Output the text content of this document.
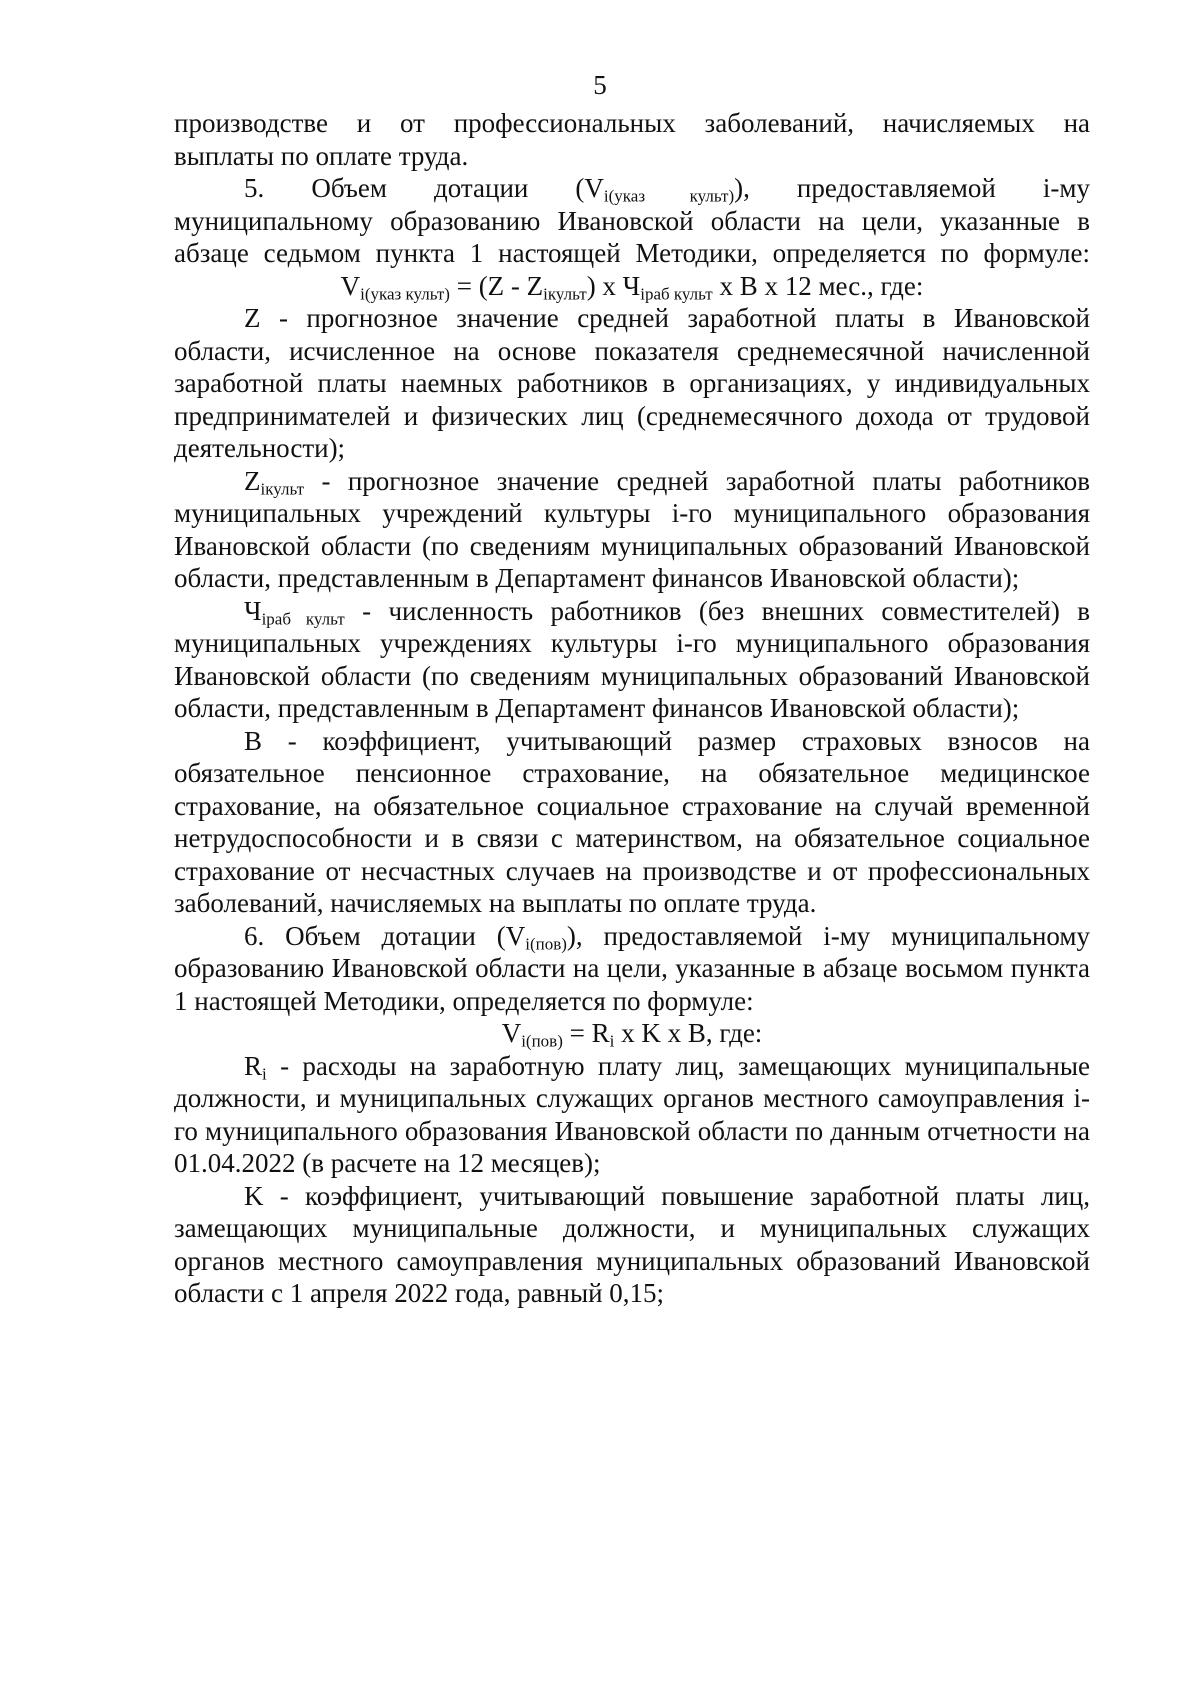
5

производстве и от профессиональных заболеваний, начисляемых на

выплаты по оплате труда.

5. Объем дотации $(V_{i(указ культ)})$, предоставляемой i-му

муниципальному образованию Ивановской области на цели, указанные в

абзаце седьмом пункта 1 настоящей Методики, определяется по формуле:

$V_{i(указ культ)} = (Z - Z_{iкульт})$ x $Ч_{iраб культ}$ x B x 12 мес., где:

Z - прогнозное значение средней заработной платы в Ивановской области, исчисленное на основе показателя среднемесячной начисленной заработной платы наемных работников в организациях, у индивидуальных предпринимателей и физических лиц (среднемесячного дохода от трудовой деятельности);

$Z_{iкульт}$ - прогнозное значение средней заработной платы работников муниципальных учреждений культуры i-го муниципального образования Ивановской области (по сведениям муниципальных образований Ивановской области, представленным в Департамент финансов Ивановской области);

$Ч_{iраб культ}$ - численность работников (без внешних совместителей) в муниципальных учреждениях культуры i-го муниципального образования Ивановской области (по сведениям муниципальных образований Ивановской области, представленным в Департамент финансов Ивановской области);

B - коэффициент, учитывающий размер страховых взносов на обязательное пенсионное страхование, на обязательное медицинское страхование, на обязательное социальное страхование на случай временной нетрудоспособности и в связи с материнством, на обязательное социальное страхование от несчастных случаев на производстве и от профессиональных заболеваний, начисляемых на выплаты по оплате труда.

6. Объем дотации $(V_{i(пов)})$, предоставляемой i-му муниципальному образованию Ивановской области на цели, указанные в абзаце восьмом пункта 1 настоящей Методики, определяется по формуле:

$V_{i(пов)} = R_i$ x K x B, где:

$R_i$ - расходы на заработную плату лиц, замещающих муниципальные должности, и муниципальных служащих органов местного самоуправления i-го муниципального образования Ивановской области по данным отчетности на 01.04.2022 (в расчете на 12 месяцев);

K - коэффициент, учитывающий повышение заработной платы лиц, замещающих муниципальные должности, и муниципальных служащих органов местного самоуправления муниципальных образований Ивановской области с 1 апреля 2022 года, равный 0,15;
